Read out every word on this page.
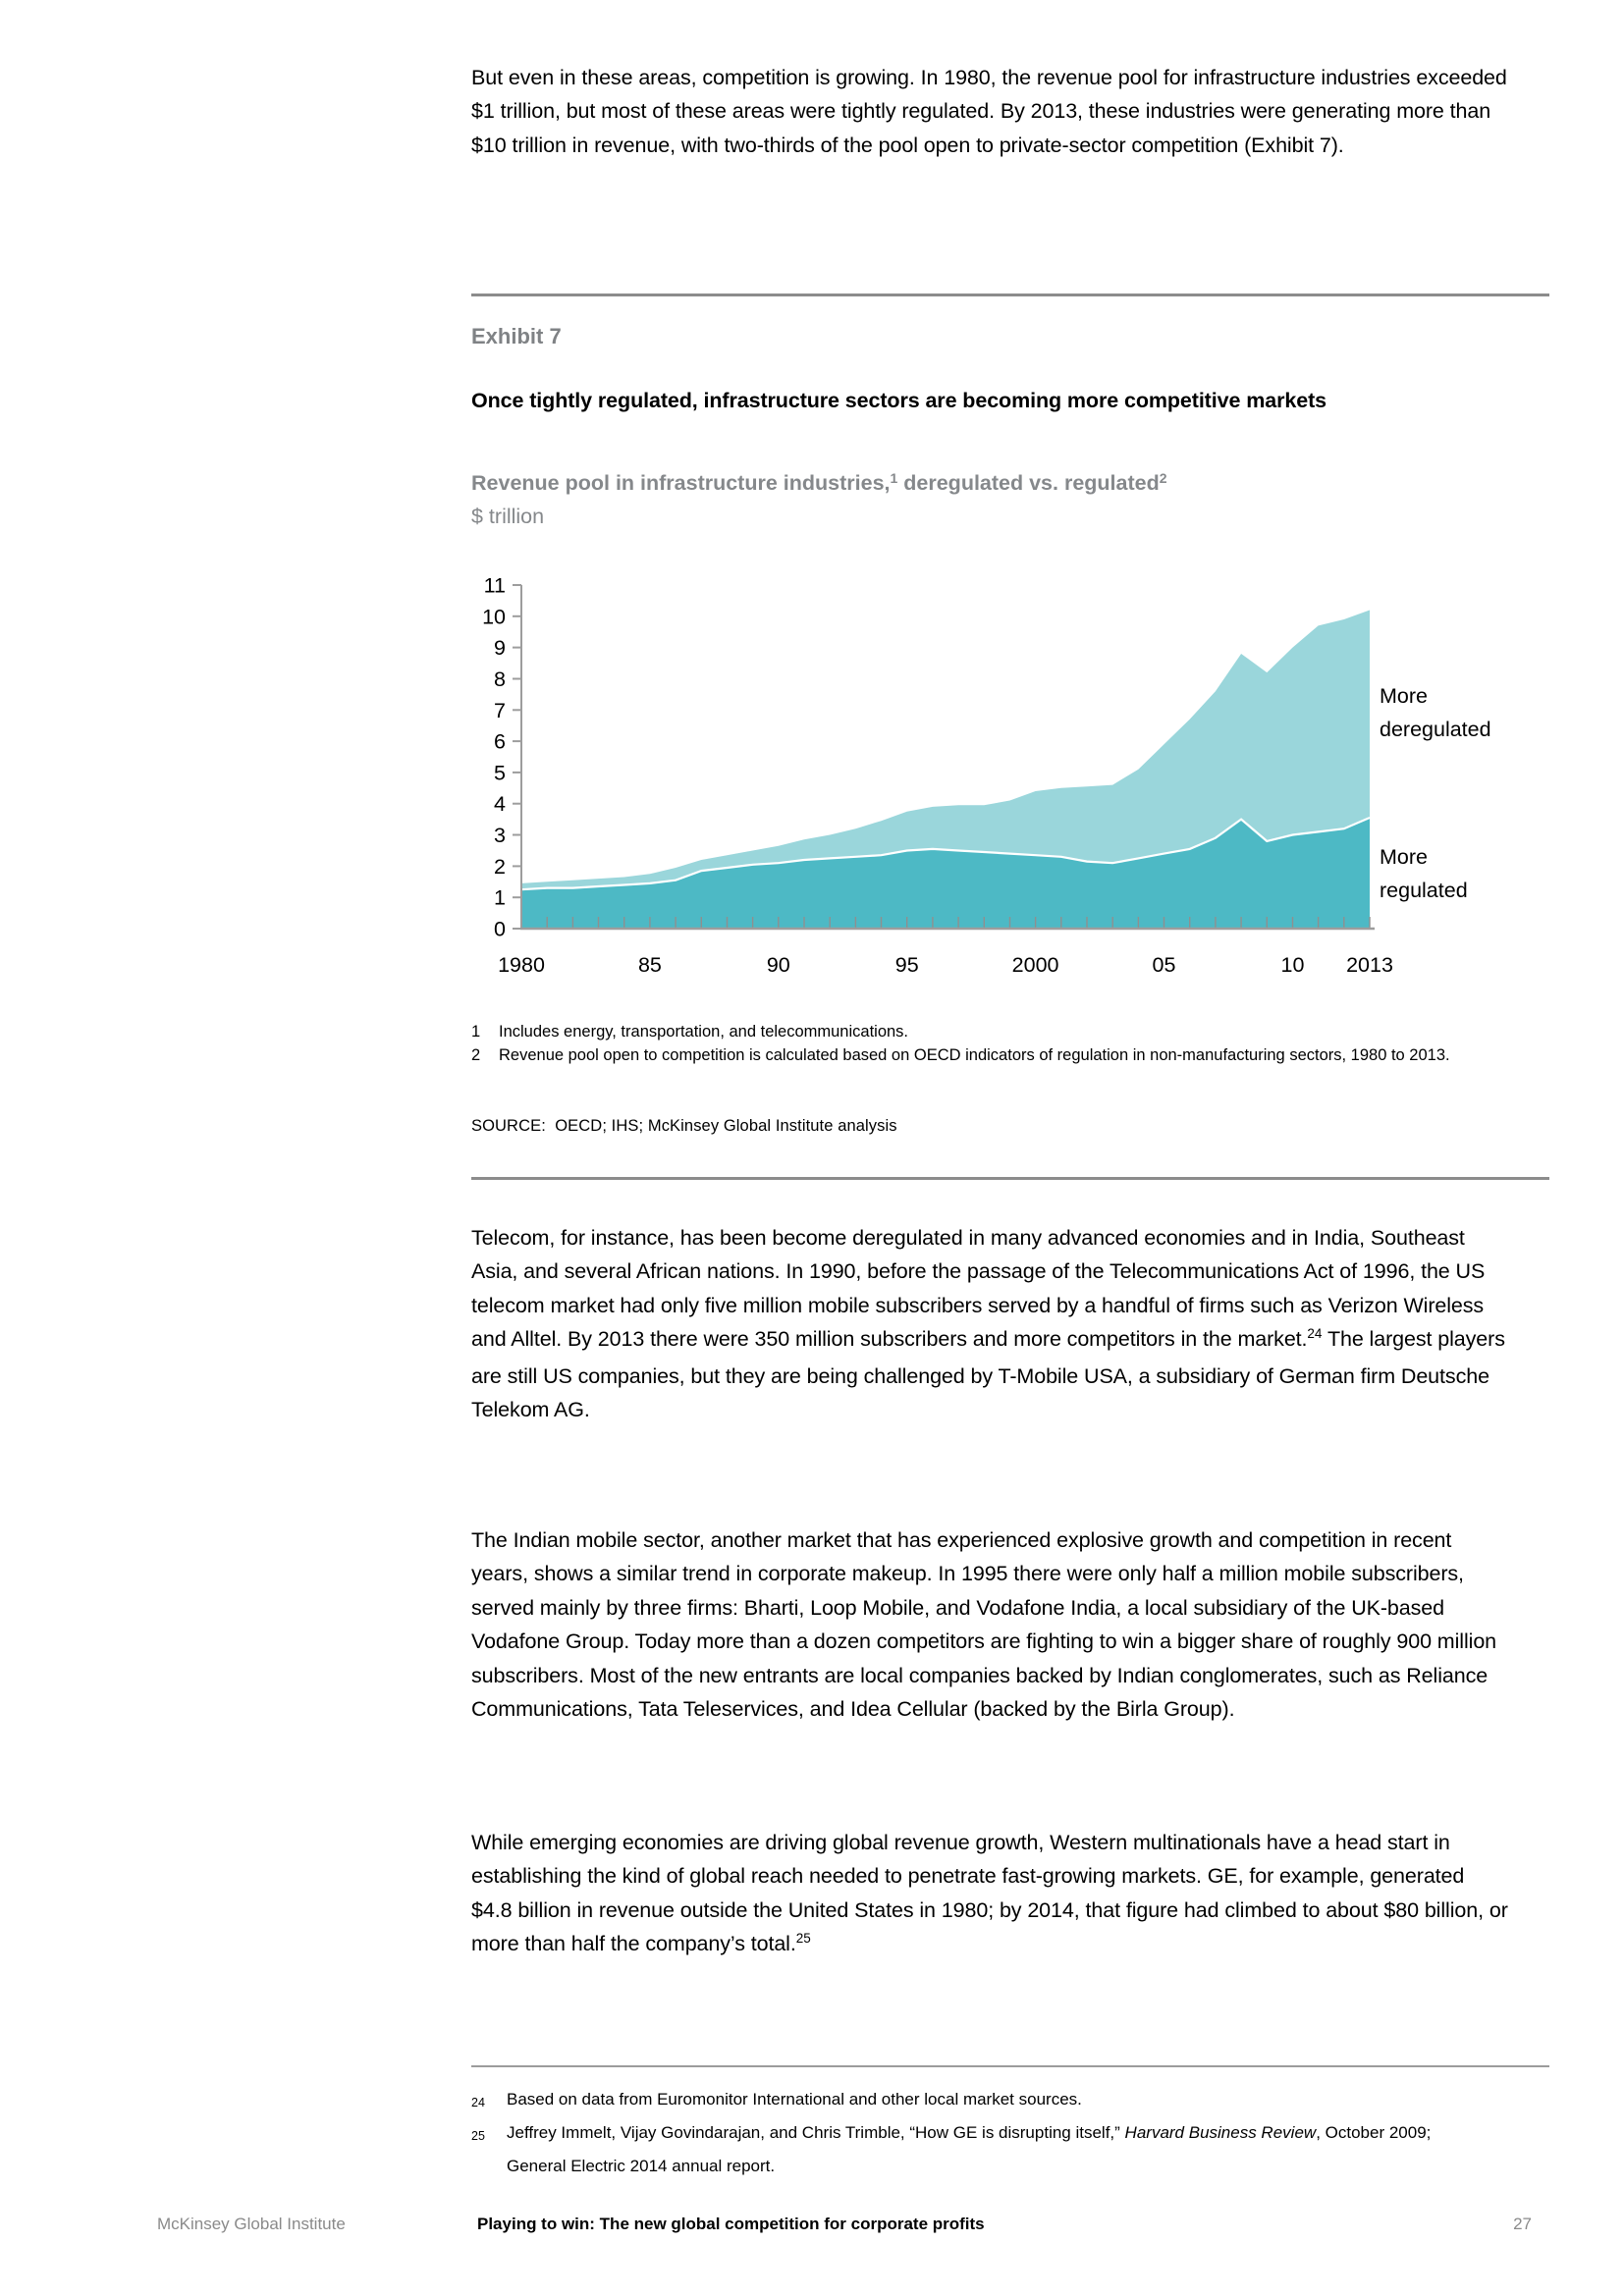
But even in these areas, competition is growing. In 1980, the revenue pool for infrastructure industries exceeded $1 trillion, but most of these areas were tightly regulated. By 2013, these industries were generating more than $10 trillion in revenue, with two-thirds of the pool open to private-sector competition (Exhibit 7).

Exhibit 7
Once tightly regulated, infrastructure sectors are becoming more competitive markets
Revenue pool in infrastructure industries,$^1$ deregulated vs. regulated$^2$
$ trillion
0
1
2
3
4
5
6
7
8
9
10
11
1980	85	90	95	2000	05	10 2013
More
deregulated
More
regulated
1	Includes energy, transportation, and telecommunications.
2	Revenue pool open to competition is calculated based on OECD indicators of regulation in non-manufacturing sectors, 1980 to 2013.
SOURCE:  OECD; IHS; McKinsey Global Institute analysis

Telecom, for instance, has been become deregulated in many advanced economies and in India, Southeast Asia, and several African nations. In 1990, before the passage of the Telecommunications Act of 1996, the US telecom market had only five million mobile subscribers served by a handful of firms such as Verizon Wireless and Alltel. By 2013 there were 350 million subscribers and more competitors in the market.$^{24}$ The largest players are still US companies, but they are being challenged by T-Mobile USA, a subsidiary of German firm Deutsche Telekom AG.

The Indian mobile sector, another market that has experienced explosive growth and competition in recent years, shows a similar trend in corporate makeup. In 1995 there were only half a million mobile subscribers, served mainly by three firms: Bharti, Loop Mobile, and Vodafone India, a local subsidiary of the UK-based Vodafone Group. Today more than a dozen competitors are fighting to win a bigger share of roughly 900 million subscribers. Most of the new entrants are local companies backed by Indian conglomerates, such as Reliance Communications, Tata Teleservices, and Idea Cellular (backed by the Birla Group).

While emerging economies are driving global revenue growth, Western multinationals have a head start in establishing the kind of global reach needed to penetrate fast-growing markets. GE, for example, generated $4.8 billion in revenue outside the United States in 1980; by 2014, that figure had climbed to about $80 billion, or more than half the company’s total.$^{25}$

24	Based on data from Euromonitor International and other local market sources.
25	Jeffrey Immelt, Vijay Govindarajan, and Chris Trimble, “How GE is disrupting itself,” Harvard Business Review, October 2009; General Electric 2014 annual report.
McKinsey Global Institute	Playing to win: The new global competition for corporate profits	27
